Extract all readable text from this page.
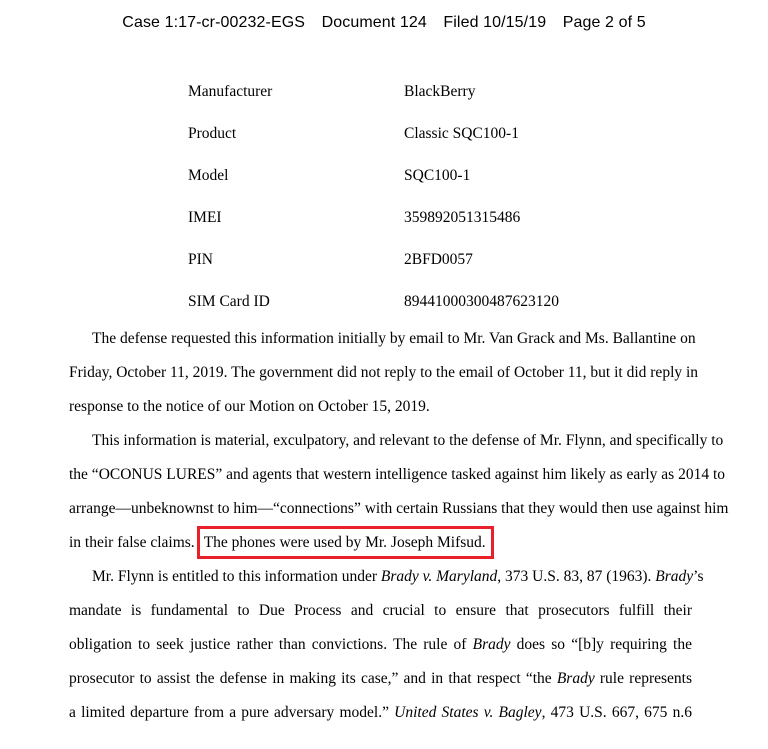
Case 1:17-cr-00232-EGS Document 124 Filed 10/15/19 Page 2 of 5
Manufacturer	BlackBerry
Product	Classic SQC100-1
Model	SQC100-1
IMEI	359892051315486
PIN	2BFD0057
SIM Card ID	89441000300487623120
The defense requested this information initially by email to Mr. Van Grack and Ms. Ballantine on
Friday, October 11, 2019. The government did not reply to the email of October 11, but it did reply in
response to the notice of our Motion on October 15, 2019.
This information is material, exculpatory, and relevant to the defense of Mr. Flynn, and specifically to
the “OCONUS LURES” and agents that western intelligence tasked against him likely as early as 2014 to
arrange—unbeknownst to him—“connections” with certain Russians that they would then use against him
in their false claims. The phones were used by Mr. Joseph Mifsud.
Mr. Flynn is entitled to this information under Brady v. Maryland, 373 U.S. 83, 87 (1963). Brady’s
mandate is fundamental to Due Process and crucial to ensure that prosecutors fulfill their
obligation to seek justice rather than convictions. The rule of Brady does so “[b]y requiring the
prosecutor to assist the defense in making its case,” and in that respect “the Brady rule represents
a limited departure from a pure adversary model.” United States v. Bagley, 473 U.S. 667, 675 n.6
